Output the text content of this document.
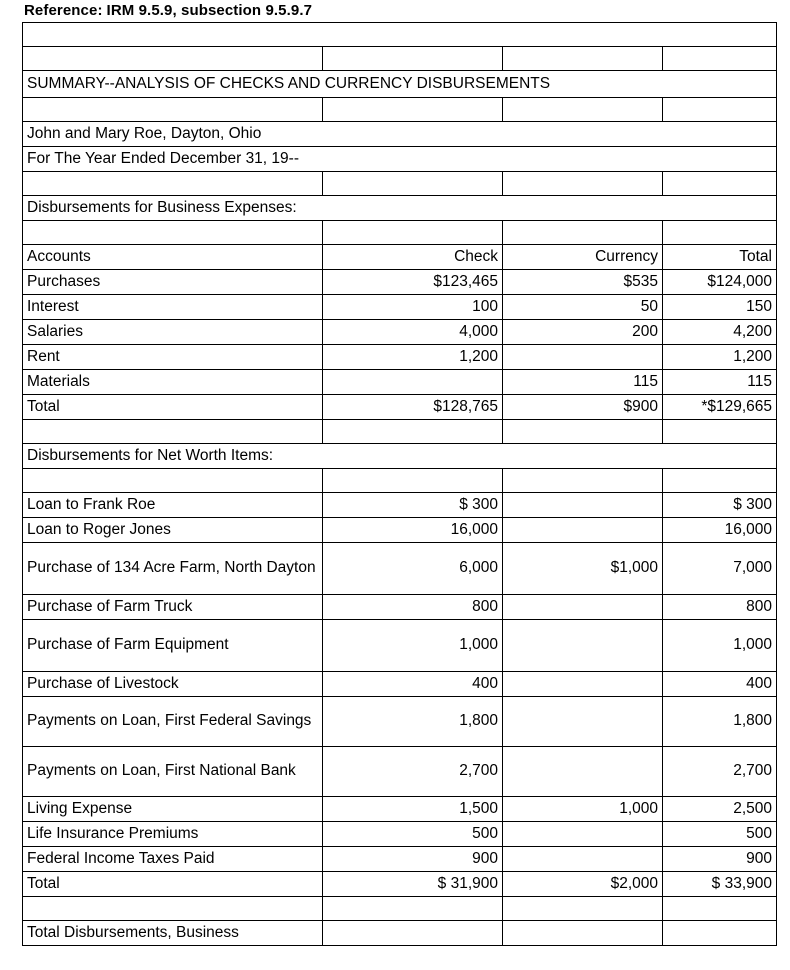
Reference: IRM 9.5.9, subsection 9.5.9.7

SUMMARY--ANALYSIS OF CHECKS AND CURRENCY DISBURSEMENTS			

John and Mary Roe, Dayton, Ohio			
For The Year Ended December 31, 19--			

Disbursements for Business Expenses:			

Accounts	Check	Currency	Total
Purchases	$123,465	$535	$124,000
Interest	100	50	150
Salaries	4,000	200	4,200
Rent	1,200		1,200
Materials		115	115
Total	$128,765	$900	*$129,665

Disbursements for Net Worth Items:			

Loan to Frank Roe	$ 300		$ 300
Loan to Roger Jones	16,000		16,000
Purchase of 134 Acre Farm, North Dayton	6,000	$1,000	7,000
Purchase of Farm Truck	800		800
Purchase of Farm Equipment	1,000		1,000
Purchase of Livestock	400		400
Payments on Loan, First Federal Savings	1,800		1,800
Payments on Loan, First National Bank	2,700		2,700
Living Expense	1,500	1,000	2,500
Life Insurance Premiums	500		500
Federal Income Taxes Paid	900		900
Total	$ 31,900	$2,000	$ 33,900

Total Disbursements, Business			
